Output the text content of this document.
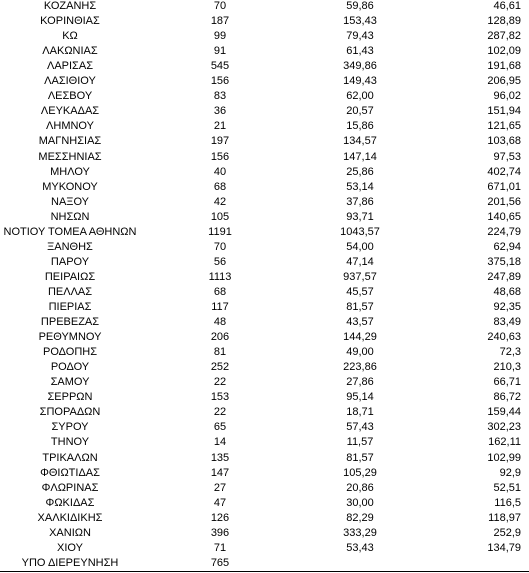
ΚΟΖΑΝΗΣ	70	59,86	46,61
ΚΟΡΙΝΘΙΑΣ	187	153,43	128,89
ΚΩ	99	79,43	287,82
ΛΑΚΩΝΙΑΣ	91	61,43	102,09
ΛΑΡΙΣΑΣ	545	349,86	191,68
ΛΑΣΙΘΙΟΥ	156	149,43	206,95
ΛΕΣΒΟΥ	83	62,00	96,02
ΛΕΥΚΑΔΑΣ	36	20,57	151,94
ΛΗΜΝΟΥ	21	15,86	121,65
ΜΑΓΝΗΣΙΑΣ	197	134,57	103,68
ΜΕΣΣΗΝΙΑΣ	156	147,14	97,53
ΜΗΛΟΥ	40	25,86	402,74
ΜΥΚΟΝΟΥ	68	53,14	671,01
ΝΑΞΟΥ	42	37,86	201,56
ΝΗΣΩΝ	105	93,71	140,65
ΝΟΤΙΟΥ ΤΟΜΕΑ ΑΘΗΝΩΝ	1191	1043,57	224,79
ΞΑΝΘΗΣ	70	54,00	62,94
ΠΑΡΟΥ	56	47,14	375,18
ΠΕΙΡΑΙΩΣ	1113	937,57	247,89
ΠΕΛΛΑΣ	68	45,57	48,68
ΠΙΕΡΙΑΣ	117	81,57	92,35
ΠΡΕΒΕΖΑΣ	48	43,57	83,49
ΡΕΘΥΜΝΟΥ	206	144,29	240,63
ΡΟΔΟΠΗΣ	81	49,00	72,3
ΡΟΔΟΥ	252	223,86	210,3
ΣΑΜΟΥ	22	27,86	66,71
ΣΕΡΡΩΝ	153	95,14	86,72
ΣΠΟΡΑΔΩΝ	22	18,71	159,44
ΣΥΡΟΥ	65	57,43	302,23
ΤΗΝΟΥ	14	11,57	162,11
ΤΡΙΚΑΛΩΝ	135	81,57	102,99
ΦΘΙΩΤΙΔΑΣ	147	105,29	92,9
ΦΛΩΡΙΝΑΣ	27	20,86	52,51
ΦΩΚΙΔΑΣ	47	30,00	116,5
ΧΑΛΚΙΔΙΚΗΣ	126	82,29	118,97
ΧΑΝΙΩΝ	396	333,29	252,9
ΧΙΟΥ	71	53,43	134,79
ΥΠΟ ΔΙΕΡΕΥΝΗΣΗ	765
